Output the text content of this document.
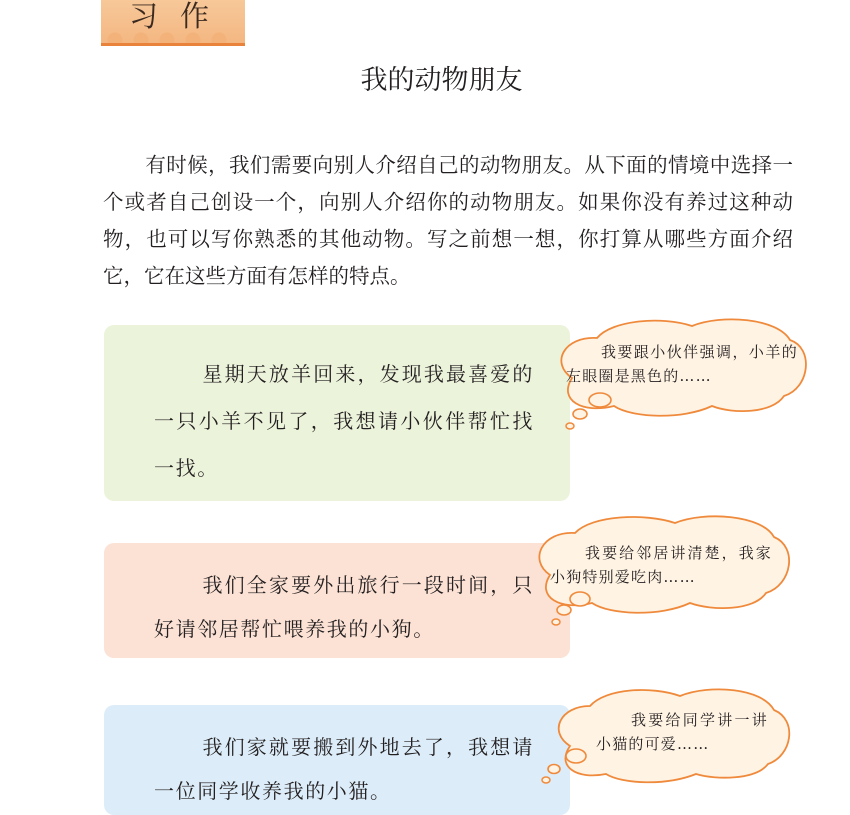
习作
我的动物朋友

有时候，我们需要向别人介绍自己的动物朋友。从下面的情境中选择一个或者自己创设一个，向别人介绍你的动物朋友。如果你没有养过这种动物，也可以写你熟悉的其他动物。写之前想一想，你打算从哪些方面介绍它，它在这些方面有怎样的特点。

星期天放羊回来，发现我最喜爱的一只小羊不见了，我想请小伙伴帮忙找一找。

我要跟小伙伴强调，小羊的左眼圈是黑色的……

我们全家要外出旅行一段时间，只好请邻居帮忙喂养我的小狗。

我要给邻居讲清楚，我家小狗特别爱吃肉……

我们家就要搬到外地去了，我想请一位同学收养我的小猫。

我要给同学讲一讲小猫的可爱……
